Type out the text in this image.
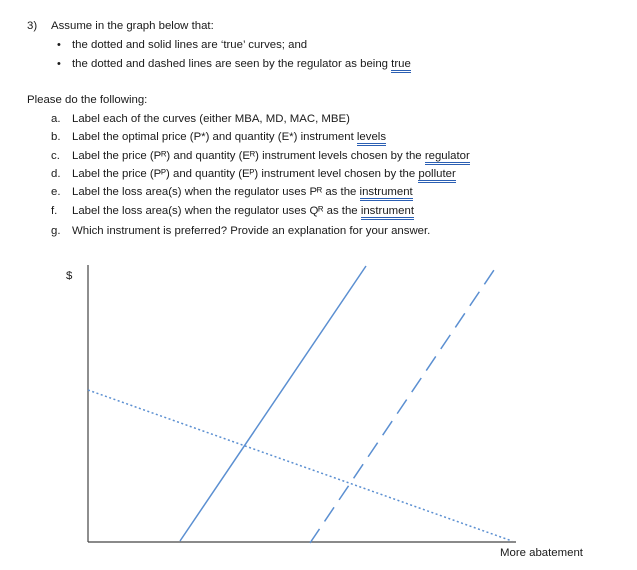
3) Assume in the graph below that:
• the dotted and solid lines are ‘true’ curves; and
• the dotted and dashed lines are seen by the regulator as being true
Please do the following:
a. Label each of the curves (either MBA, MD, MAC, MBE)
b. Label the optimal price (P*) and quantity (E*) instrument levels
c. Label the price (Pᴿ) and quantity (Eᴿ) instrument levels chosen by the regulator
d. Label the price (Pᴾ) and quantity (Eᴾ) instrument level chosen by the polluter
e. Label the loss area(s) when the regulator uses Pᴿ as the instrument
f. Label the loss area(s) when the regulator uses Qᴿ as the instrument
g. Which instrument is preferred? Provide an explanation for your answer.
$
More abatement
